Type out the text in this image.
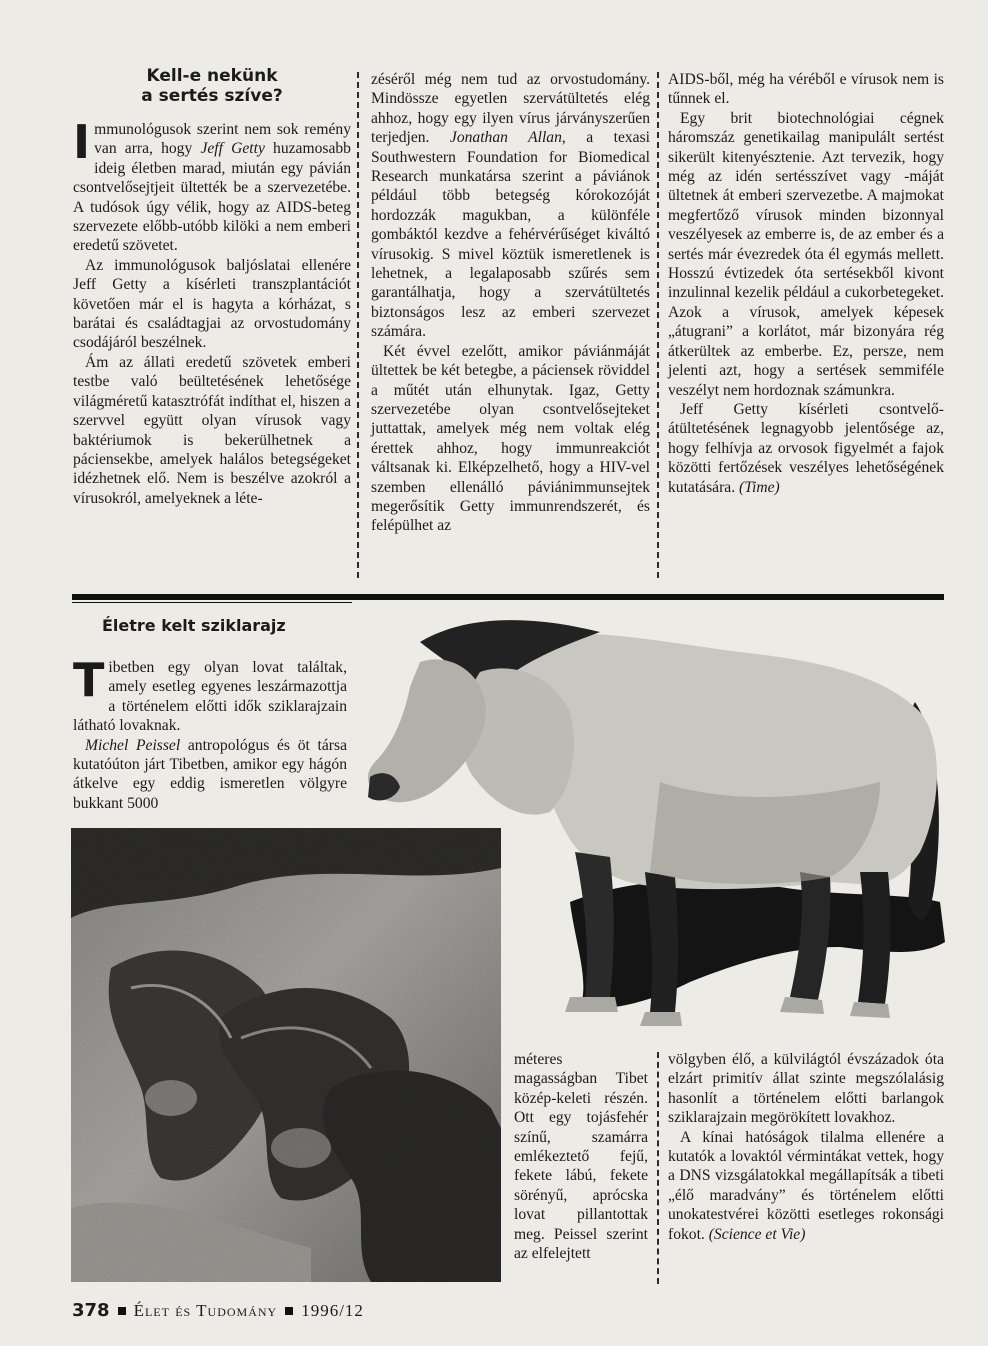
Kell-e nekünk
a sertés szíve?

Immunológusok szerint nem sok remény van arra, hogy Jeff Getty huzamosabb ideig életben marad, miután egy pávián csontvelősejtjeit ültették be a szervezetébe. A tudósok úgy vélik, hogy az AIDS-beteg szervezete előbb-utóbb kilöki a nem emberi eredetű szövetet.

Az immunológusok baljóslatai ellenére Jeff Getty a kísérleti transzplantációt követően már el is hagyta a kórházat, s barátai és családtagjai az orvostudomány csodájáról beszélnek.

Ám az állati eredetű szövetek emberi testbe való beültetésének lehetősége világméretű katasztrófát indíthat el, hiszen a szervvel együtt olyan vírusok vagy baktériumok is bekerülhetnek a páciensekbe, amelyek halálos betegségeket idézhetnek elő. Nem is beszélve azokról a vírusokról, amelyeknek a léte-

zéséről még nem tud az orvostudomány. Mindössze egyetlen szervátültetés elég ahhoz, hogy egy ilyen vírus járványszerűen terjedjen. Jonathan Allan, a texasi Southwestern Foundation for Biomedical Research munkatársa szerint a páviánok például több betegség kórokozóját hordozzák magukban, a különféle gombáktól kezdve a fehérvérűséget kiváltó vírusokig. S mivel köztük ismeretlenek is lehetnek, a legalaposabb szűrés sem garantálhatja, hogy a szervátültetés biztonságos lesz az emberi szervezet számára.

Két évvel ezelőtt, amikor páviánmáját ültettek be két betegbe, a páciensek röviddel a műtét után elhunytak. Igaz, Getty szervezetébe olyan csontvelősejteket juttattak, amelyek még nem voltak elég érettek ahhoz, hogy immunreakciót váltsanak ki. Elképzelhető, hogy a HIV-vel szemben ellenálló páviánimmunsejtek megerősítik Getty immunrendszerét, és felépülhet az

AIDS-ből, még ha véréből e vírusok nem is tűnnek el.

Egy brit biotechnológiai cégnek háromszáz genetikailag manipulált sertést sikerült kitenyésztenie. Azt tervezik, hogy még az idén sertésszívet vagy -máját ültetnek át emberi szervezetbe. A majmokat megfertőző vírusok minden bizonnyal veszélyesek az emberre is, de az ember és a sertés már évezredek óta él egymás mellett. Hosszú évtizedek óta sertésekből kivont inzulinnal kezelik például a cukorbetegeket. Azok a vírusok, amelyek képesek „átugrani” a korlátot, már bizonyára rég átkerültek az emberbe. Ez, persze, nem jelenti azt, hogy a sertések semmiféle veszélyt nem hordoznak számunkra.

Jeff Getty kísérleti csontvelő-átültetésének legnagyobb jelentősége az, hogy felhívja az orvosok figyelmét a fajok közötti fertőzések veszélyes lehetőségének kutatására. (Time)

Életre kelt sziklarajz

Tibetben egy olyan lovat találtak, amely esetleg egyenes leszármazottja a történelem előtti idők sziklarajzain látható lovaknak.

Michel Peissel antropológus és öt társa kutatóúton járt Tibetben, amikor egy hágón átkelve egy eddig ismeretlen völgyre bukkant 5000

méteres magasságban Tibet közép-keleti részén. Ott egy tojásfehér színű, szamárra emlékeztető fejű, fekete lábú, fekete sörényű, aprócska lovat pillantottak meg. Peissel szerint az elfelejtett

völgyben élő, a külvilágtól évszázadok óta elzárt primitív állat szinte megszólalásig hasonlít a történelem előtti barlangok sziklarajzain megörökített lovakhoz.

A kínai hatóságok tilalma ellenére a kutatók a lovaktól vérmintákat vettek, hogy a DNS vizsgálatokkal megállapítsák a tibeti „élő maradvány” és történelem előtti unokatestvérei közötti esetleges rokonsági fokot. (Science et Vie)

378 Élet és Tudomány 1996/12
